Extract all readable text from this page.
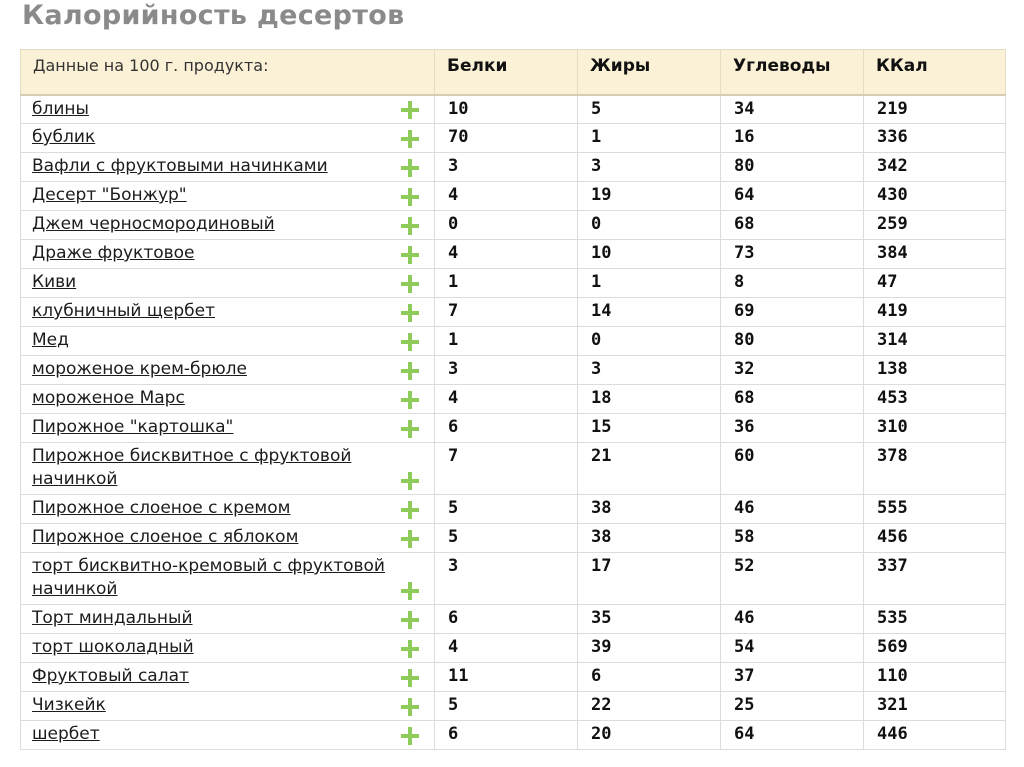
Калорийность десертов
Данные на 100 г. продукта:	Белки	Жиры	Углеводы	ККал
блины	10	5	34	219
бублик	70	1	16	336
Вафли с фруктовыми начинками	3	3	80	342
Десерт "Бонжур"	4	19	64	430
Джем черносмородиновый	0	0	68	259
Драже фруктовое	4	10	73	384
Киви	1	1	8	47
клубничный щербет	7	14	69	419
Мед	1	0	80	314
мороженое крем-брюле	3	3	32	138
мороженое Марс	4	18	68	453
Пирожное "картошка"	6	15	36	310
Пирожное бисквитное с фруктовой начинкой	7	21	60	378
Пирожное слоеное с кремом	5	38	46	555
Пирожное слоеное с яблоком	5	38	58	456
торт бисквитно-кремовый с фруктовой начинкой	3	17	52	337
Торт миндальный	6	35	46	535
торт шоколадный	4	39	54	569
Фруктовый салат	11	6	37	110
Чизкейк	5	22	25	321
шербет	6	20	64	446
